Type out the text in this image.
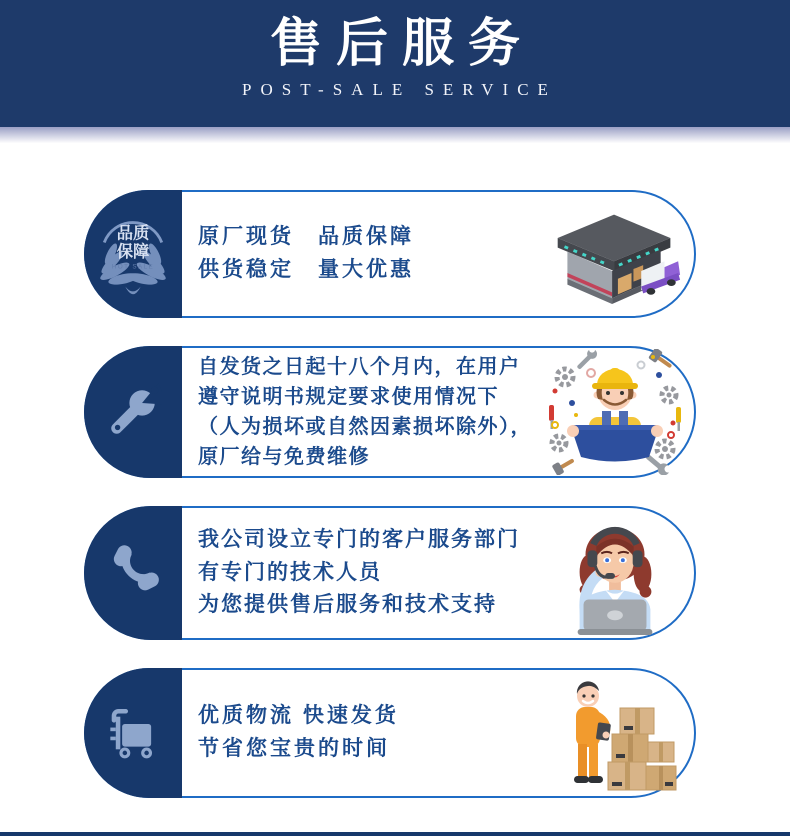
售后服务
POST-SALE SERVICE
品质
保障
HOT SALE
原厂现货　品质保障
供货稳定　量大优惠
自发货之日起十八个月内，在用户遵守说明书规定要求使用情况下（人为损坏或自然因素损坏除外），原厂给与免费维修
我公司设立专门的客户服务部门
有专门的技术人员
为您提供售后服务和技术支持
优质物流 快速发货
节省您宝贵的时间
